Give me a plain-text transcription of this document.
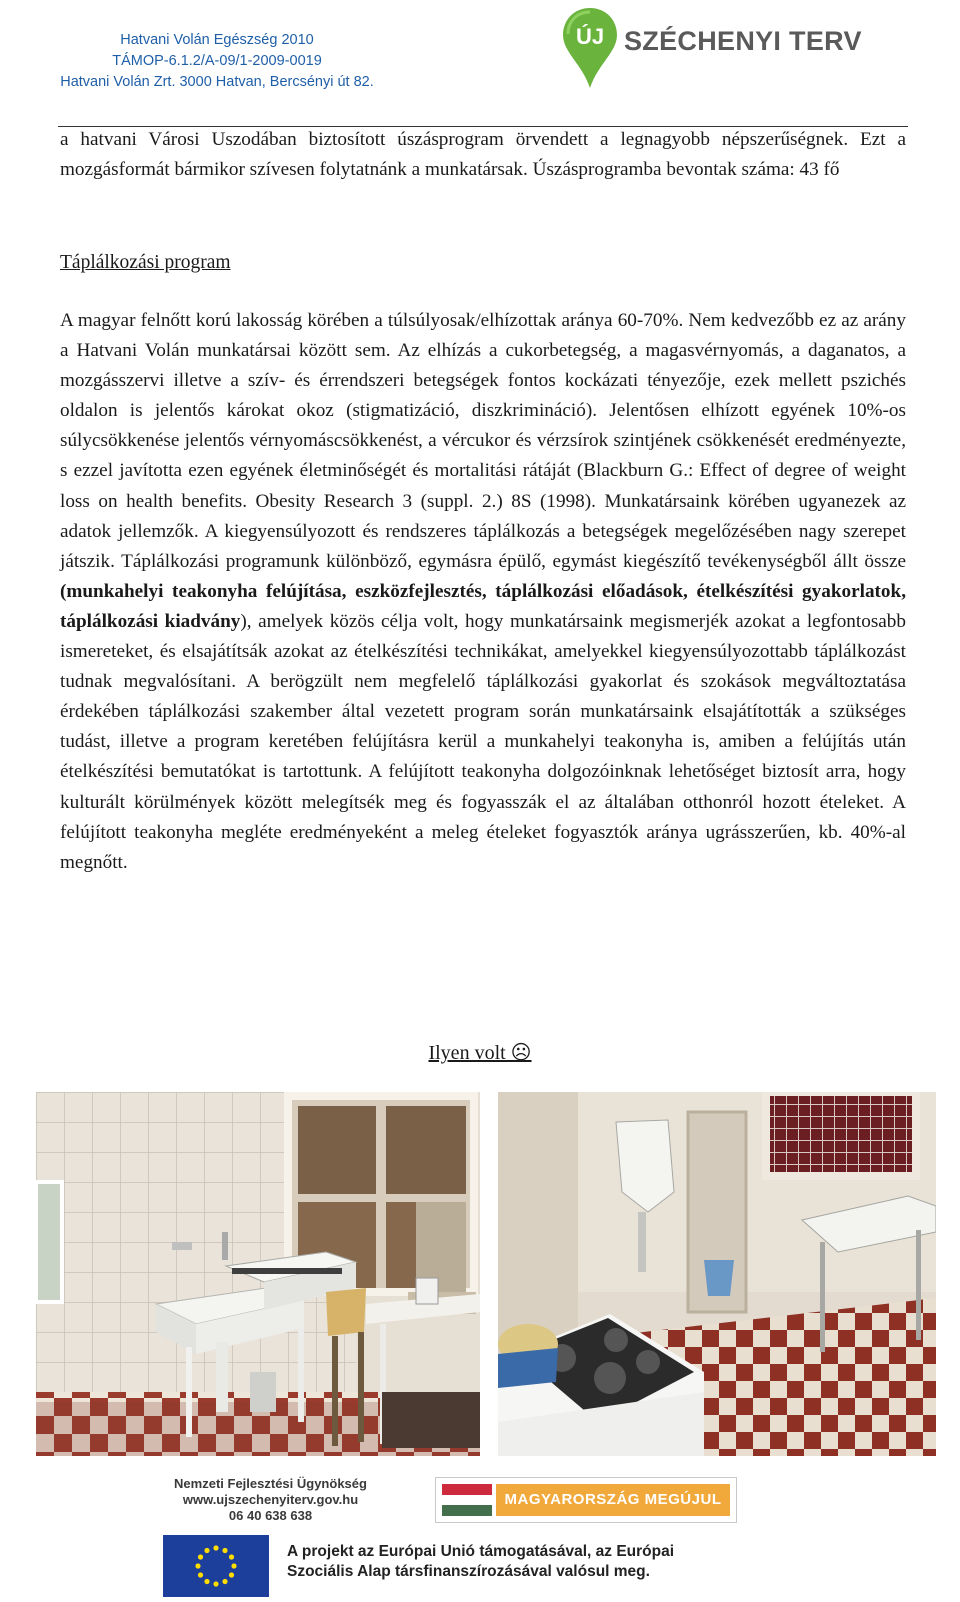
Hatvani Volán Egészség 2010
TÁMOP-6.1.2/A-09/1-2009-0019
Hatvani Volán Zrt. 3000 Hatvan, Bercsényi út 82.
ÚJ SZÉCHENYI TERV

a hatvani Városi Uszodában biztosított úszásprogram örvendett a legnagyobb népszerűségnek. Ezt a mozgásformát bármikor szívesen folytatnánk a munkatársak. Úszásprogramba bevontak száma: 43 fő

Táplálkozási program

A magyar felnőtt korú lakosság körében a túlsúlyosak/elhízottak aránya 60-70%. Nem kedvezőbb ez az arány a Hatvani Volán munkatársai között sem. Az elhízás a cukorbetegség, a magasvérnyomás, a daganatos, a mozgásszervi illetve a szív- és érrendszeri betegségek fontos kockázati tényezője, ezek mellett pszichés oldalon is jelentős károkat okoz (stigmatizáció, diszkrimináció). Jelentősen elhízott egyének 10%-os súlycsökkenése jelentős vérnyomáscsökkenést, a vércukor és vérzsírok szintjének csökkenését eredményezte, s ezzel javította ezen egyének életminőségét és mortalitási rátáját (Blackburn G.: Effect of degree of weight loss on health benefits. Obesity Research 3 (suppl. 2.) 8S (1998). Munkatársaink körében ugyanezek az adatok jellemzők. A kiegyensúlyozott és rendszeres táplálkozás a betegségek megelőzésében nagy szerepet játszik. Táplálkozási programunk különböző, egymásra épülő, egymást kiegészítő tevékenységből állt össze (munkahelyi teakonyha felújítása, eszközfejlesztés, táplálkozási előadások, ételkészítési gyakorlatok, táplálkozási kiadvány), amelyek közös célja volt, hogy munkatársaink megismerjék azokat a legfontosabb ismereteket, és elsajátítsák azokat az ételkészítési technikákat, amelyekkel kiegyensúlyozottabb táplálkozást tudnak megvalósítani. A berögzült nem megfelelő táplálkozási gyakorlat és szokások megváltoztatása érdekében táplálkozási szakember által vezetett program során munkatársaink elsajátították a szükséges tudást, illetve a program keretében felújításra kerül a munkahelyi teakonyha is, amiben a felújítás után ételkészítési bemutatókat is tartottunk. A felújított teakonyha dolgozóinknak lehetőséget biztosít arra, hogy kulturált körülmények között melegítsék meg és fogyasszák el az általában otthonról hozott ételeket. A felújított teakonyha megléte eredményeként a meleg ételeket fogyasztók aránya ugrásszerűen, kb. 40%-al megnőtt.

Ilyen volt ☹
Nemzeti Fejlesztési Ügynökség
www.ujszechenyiterv.gov.hu
06 40 638 638
MAGYARORSZÁG MEGÚJUL
A projekt az Európai Unió támogatásával, az Európai
Szociális Alap társfinanszírozásával valósul meg.
